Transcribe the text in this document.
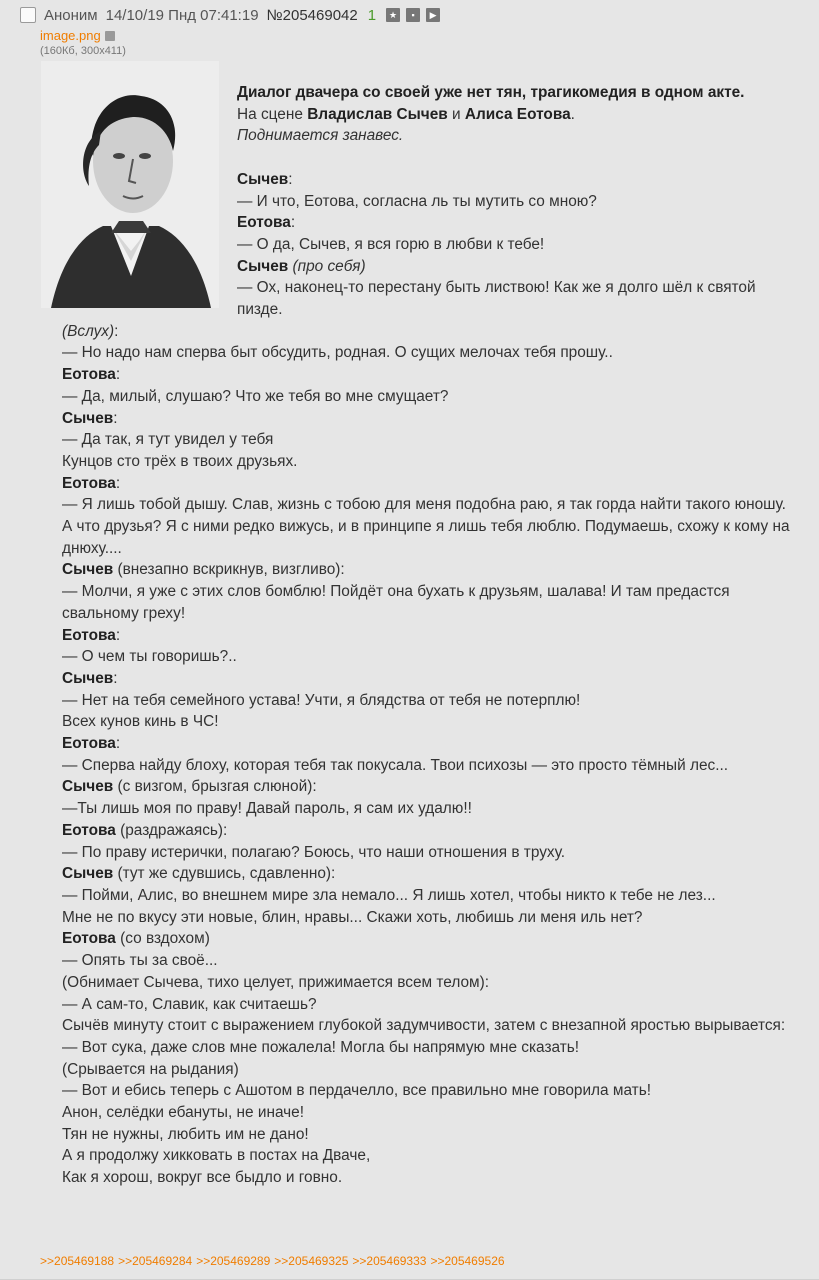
Аноним 14/10/19 Пнд 07:41:19 №205469042 1	★	▪	▶
image.png
(160Кб, 300x411)
Диалог двачера со своей уже нет тян, трагикомедия в одном акте.
На сцене Владислав Сычев и Алиса Еотова.
Поднимается занавес.
Сычев:
— И что, Еотова, согласна ль ты мутить со мною?
Еотова:
— О да, Сычев, я вся горю в любви к тебе!
Сычев (про себя)
— Ох, наконец-то перестану быть листвою! Как же я долго шёл к святой пизде.
(Вслух):
— Но надо нам сперва быт обсудить, родная. О сущих мелочах тебя прошу..
Еотова:
— Да, милый, слушаю? Что же тебя во мне смущает?
Сычев:
— Да так, я тут увидел у тебя
Кунцов сто трёх в твоих друзьях.
Еотова:
— Я лишь тобой дышу. Слав, жизнь с тобою для меня подобна раю, я так горда найти такого юношу. А что друзья? Я с ними редко вижусь, и в принципе я лишь тебя люблю. Подумаешь, схожу к кому на днюху....
Сычев (внезапно вскрикнув, визгливо):
— Молчи, я уже с этих слов бомблю! Пойдёт она бухать к друзьям, шалава! И там предастся свальному греху!
Еотова:
— О чем ты говоришь?..
Сычев:
— Нет на тебя семейного устава! Учти, я блядства от тебя не потерплю!
Всех кунов кинь в ЧС!
Еотова:
— Сперва найду блоху, которая тебя так покусала. Твои психозы — это просто тёмный лес...
Сычев (с визгом, брызгая слюной):
—Ты лишь моя по праву! Давай пароль, я сам их удалю!!
Еотова (раздражаясь):
— По праву истерички, полагаю? Боюсь, что наши отношения в труху.
Сычев (тут же сдувшись, сдавленно):
— Пойми, Алис, во внешнем мире зла немало... Я лишь хотел, чтобы никто к тебе не лез...
Мне не по вкусу эти новые, блин, нравы... Скажи хоть, любишь ли меня иль нет?
Еотова (со вздохом)
— Опять ты за своё...
(Обнимает Сычева, тихо целует, прижимается всем телом):
— А сам-то, Славик, как считаешь?
Сычёв минуту стоит с выражением глубокой задумчивости, затем с внезапной яростью вырывается:
— Вот сука, даже слов мне пожалела! Могла бы напрямую мне сказать!
(Срывается на рыдания)
— Вот и ебись теперь с Ашотом в пердачелло, все правильно мне говорила мать!
Анон, селёдки ебануты, не иначе!
Тян не нужны, любить им не дано!
А я продолжу хикковать в постах на Дваче,
Как я хорош, вокруг все быдло и говно.
>>205469188 >>205469284 >>205469289 >>205469325 >>205469333 >>205469526
